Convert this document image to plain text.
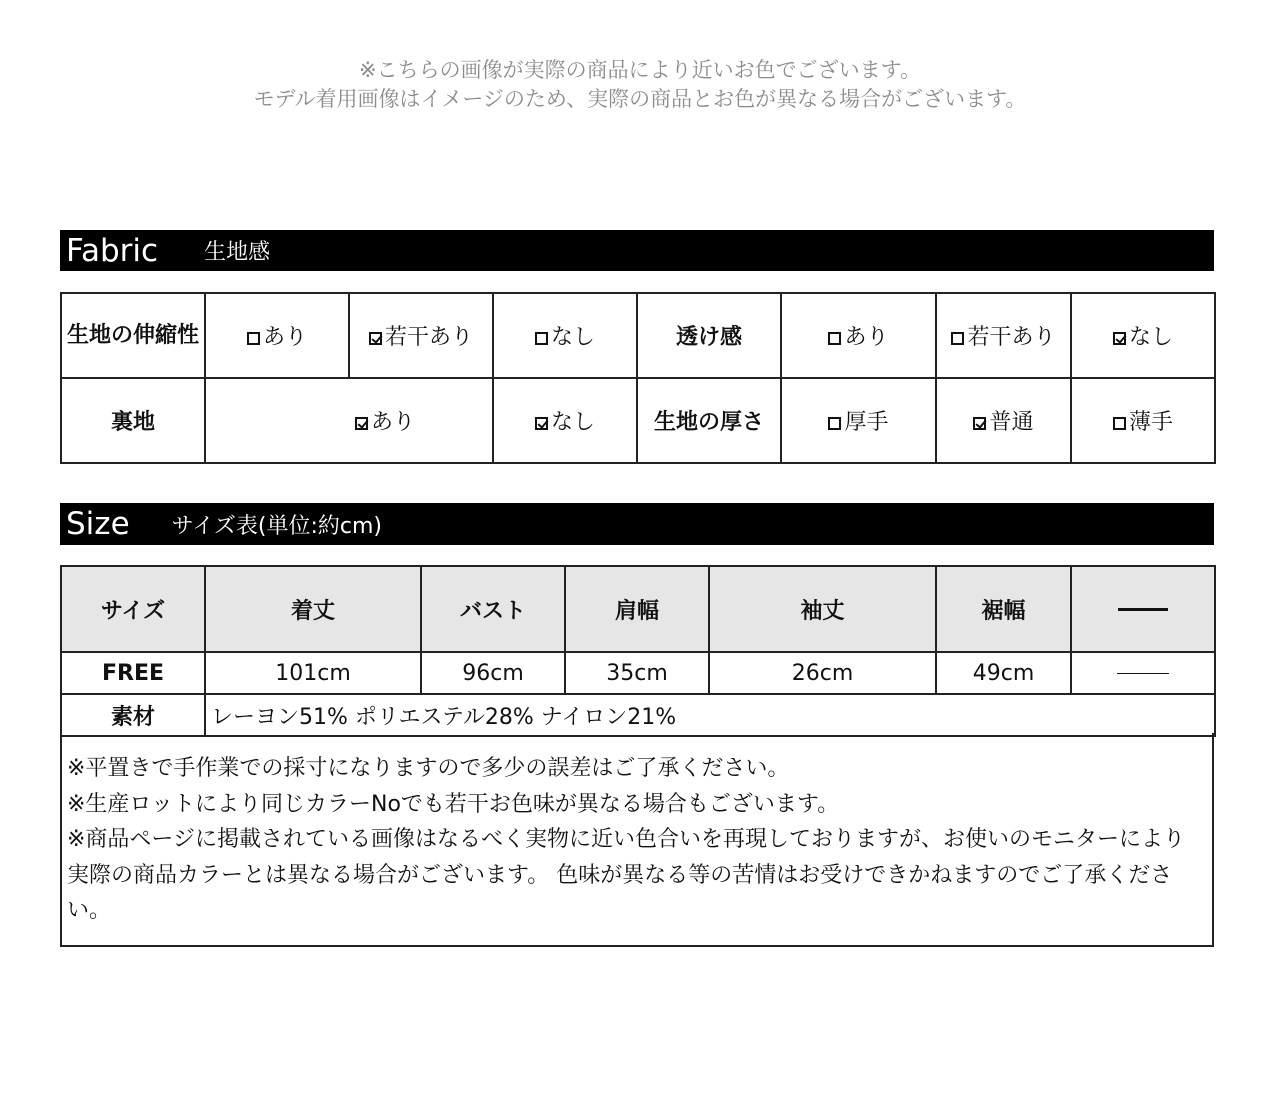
※こちらの画像が実際の商品により近いお色でございます。
モデル着用画像はイメージのため、実際の商品とお色が異なる場合がございます。
Fabric 生地感
生地の伸縮性	あり	若干あり	なし	透け感	あり	若干あり	なし
裏地	あり		なし	生地の厚さ	厚手	普通	薄手
Size サイズ表(単位:約cm)
サイズ	着丈	バスト	肩幅	袖丈	裾幅	
FREE	101cm	96cm	35cm	26cm	49cm	
素材	レーヨン51% ポリエステル28% ナイロン21%					

※平置きで手作業での採寸になりますので多少の誤差はご了承ください。

※生産ロットにより同じカラーNoでも若干お色味が異なる場合もございます。

※商品ページに掲載されている画像はなるべく実物に近い色合いを再現しておりますが、お使いのモニターにより実際の商品カラーとは異なる場合がございます。 色味が異なる等の苦情はお受けできかねますのでご了承ください。
